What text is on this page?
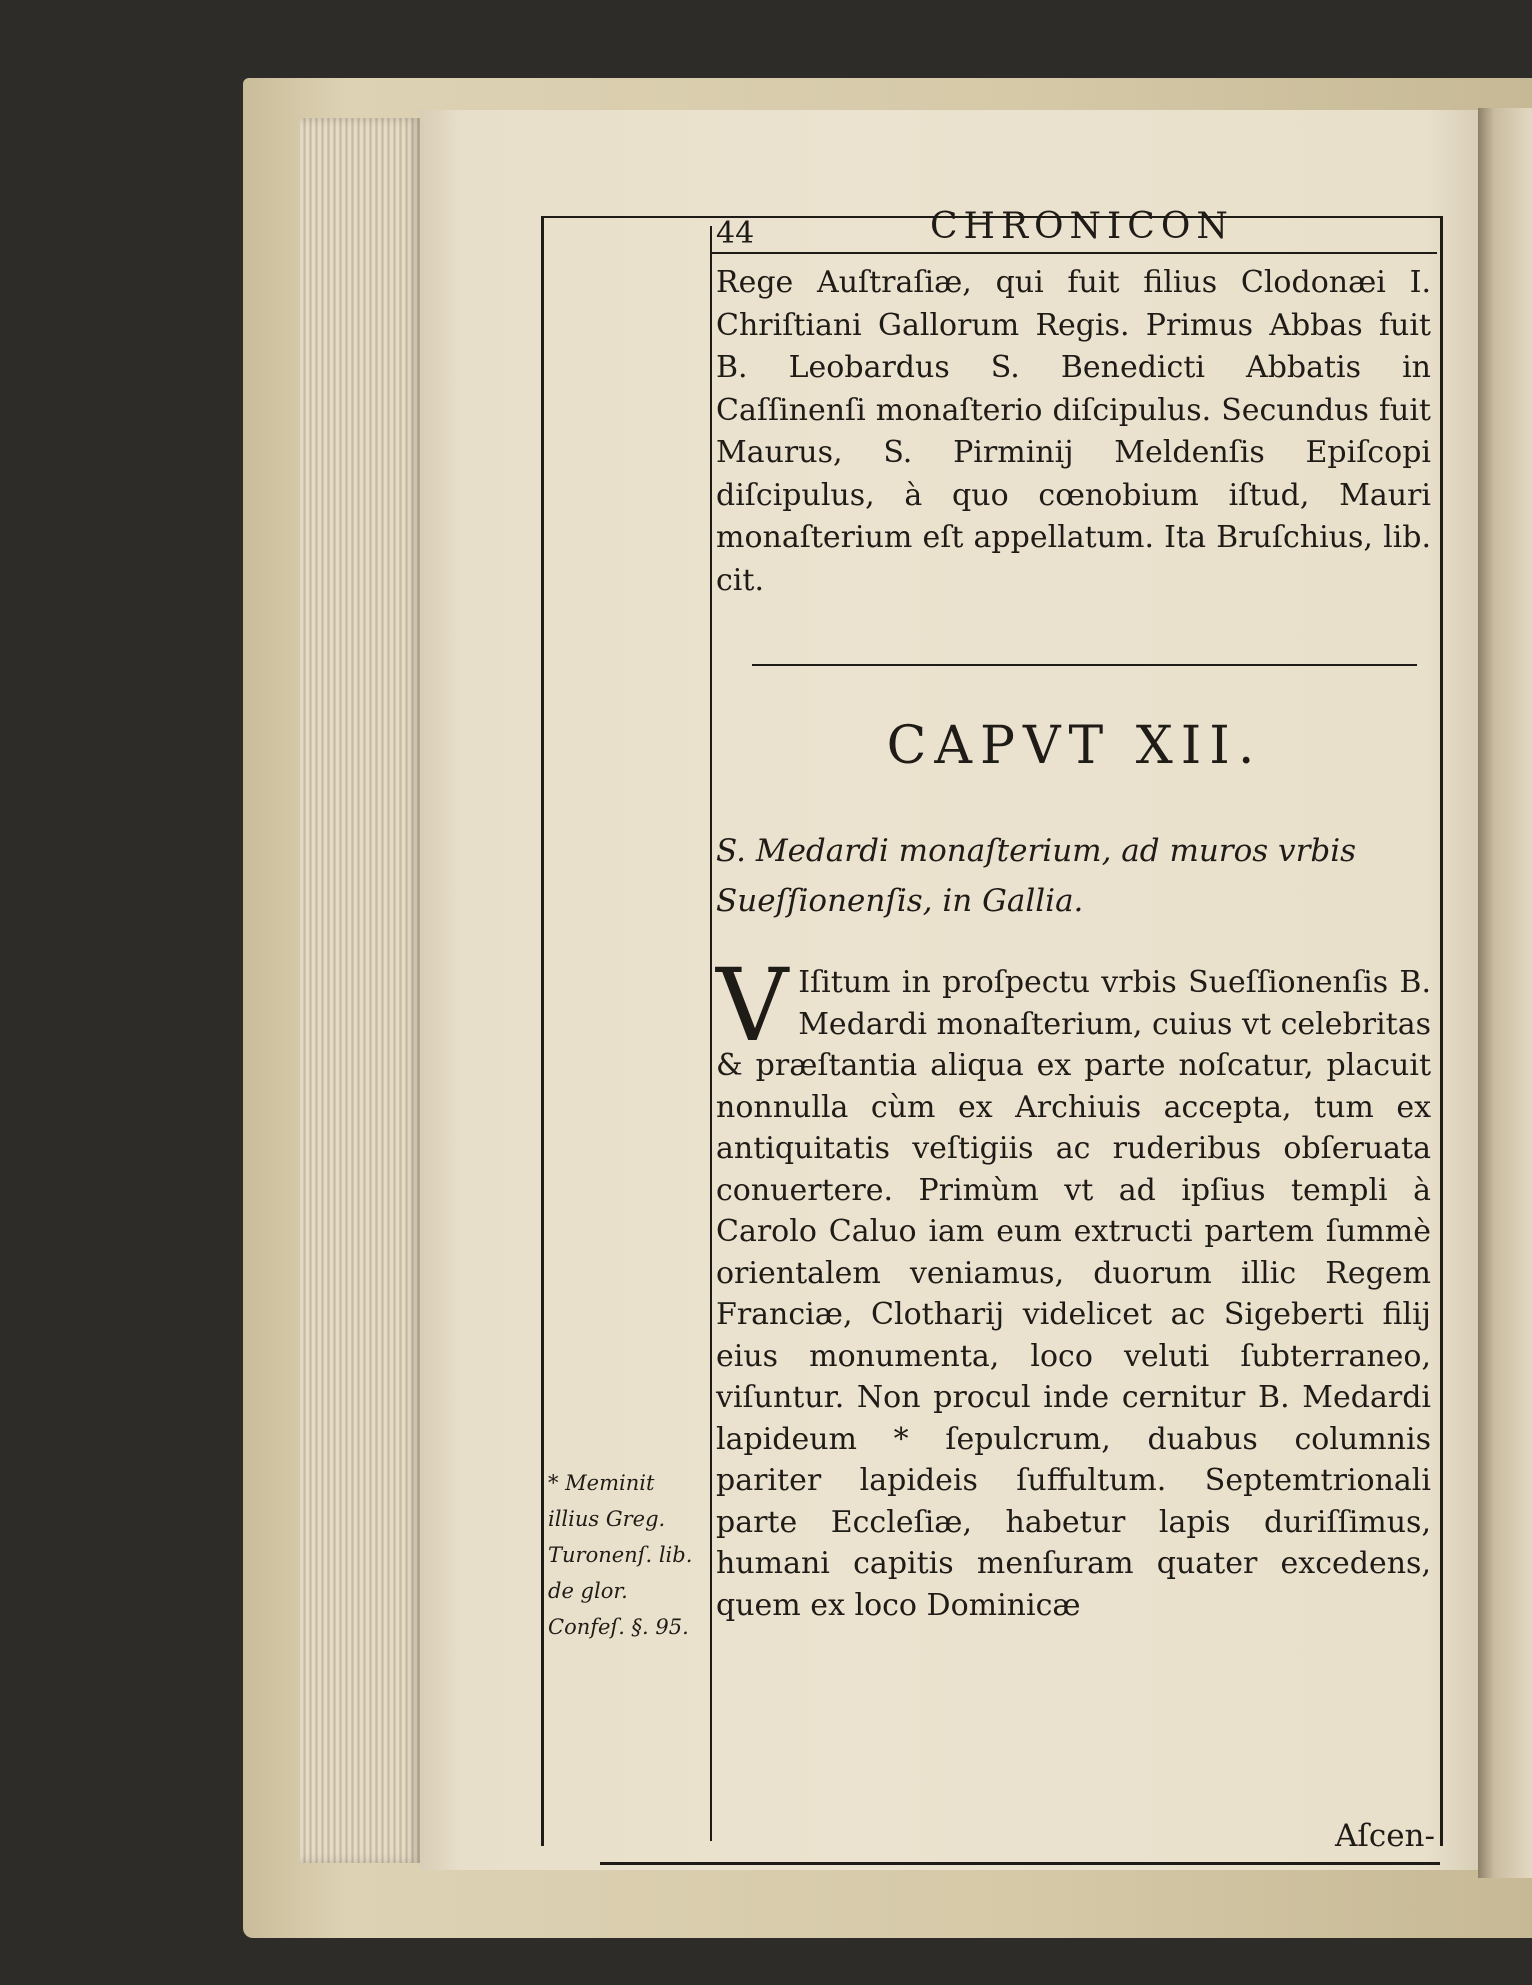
44	CHRONICON
Rege Auſtraſiæ, qui fuit filius Clodonæi I. Chriſtiani Gallorum Regis. Primus Abbas fuit B. Leobardus S. Benedicti Abbatis in Caſſinenſi monaſterio diſcipulus. Secundus fuit Maurus, S. Pirminij Meldenſis Epiſcopi diſcipulus, à quo cœnobium iſtud, Mauri monaſterium eſt appellatum. Ita Bruſchius, lib. cit.
CAPVT XII.
S. Medardi monaſterium, ad muros vrbis Sueſſionenſis, in Gallia.
V Iſitum in proſpectu vrbis Sueſſionenſis B. Medardi monaſterium, cuius vt celebritas & præſtantia aliqua ex parte noſcatur, placuit nonnulla cùm ex Archiuis accepta, tum ex antiquitatis veſtigiis ac ruderibus obſeruata conuertere. Primùm vt ad ipſius templi à Carolo Caluo iam eum extructi partem ſummè orientalem veniamus, duorum illic Regem Franciæ, Clotharij videlicet ac Sigeberti filij eius monumenta, loco veluti ſubterraneo, viſuntur. Non procul inde cernitur B. Medardi lapideum * ſepulcrum, duabus columnis pariter lapideis ſuffultum. Septemtrionali parte Eccleſiæ, habetur lapis duriſſimus, humani capitis menſuram quater excedens, quem ex loco Dominicæ
* Meminit illius Greg. Turonenſ. lib. de glor. Confeſ. §. 95.
Aſcen-
